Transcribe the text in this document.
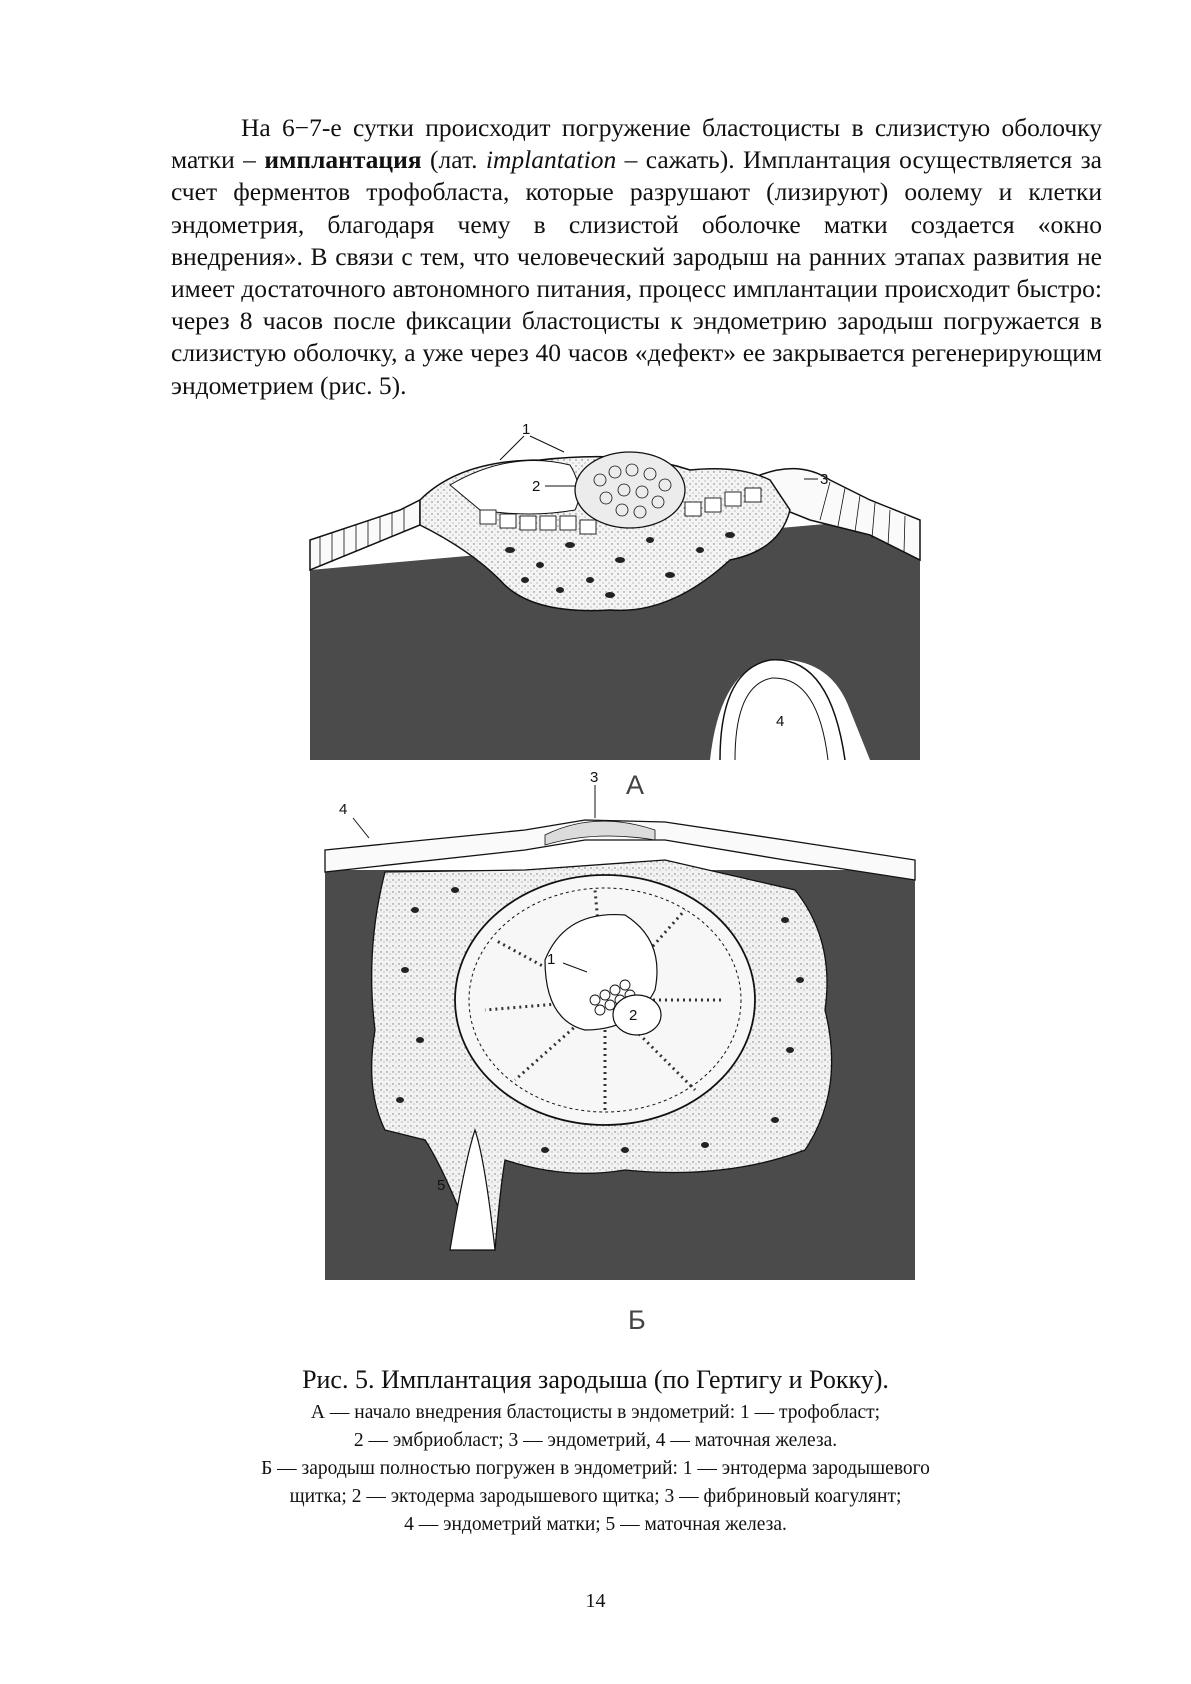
На 6−7-е сутки происходит погружение бластоцисты в слизистую оболочку матки – имплантация (лат. implantation – сажать). Имплантация осуществляется за счет ферментов трофобласта, которые разрушают (лизируют) оолему и клетки эндометрия, благодаря чему в слизистой оболочке матки создается «окно внедрения». В связи с тем, что человеческий зародыш на ранних этапах развития не имеет достаточного автономного питания, процесс имплантации происходит быстро: через 8 часов после фиксации бластоцисты к эндометрию зародыш погружается в слизистую оболочку, а уже через 40 часов «дефект» ее закрывается регенерирующим эндометрием (рис. 5).

1
2	3
4
А
3
4
1
2
5
Б

Рис. 5. Имплантация зародыша (по Гертигу и Рокку).

А — начало внедрения бластоцисты в эндометрий: 1 — трофобласт;

2 — эмбриобласт; 3 — эндометрий, 4 — маточная железа.

Б — зародыш полностью погружен в эндометрий: 1 — энтодерма зародышевого

щитка; 2 — эктодерма зародышевого щитка; 3 — фибриновый коагулянт;

4 — эндометрий матки; 5 — маточная железа.

14
